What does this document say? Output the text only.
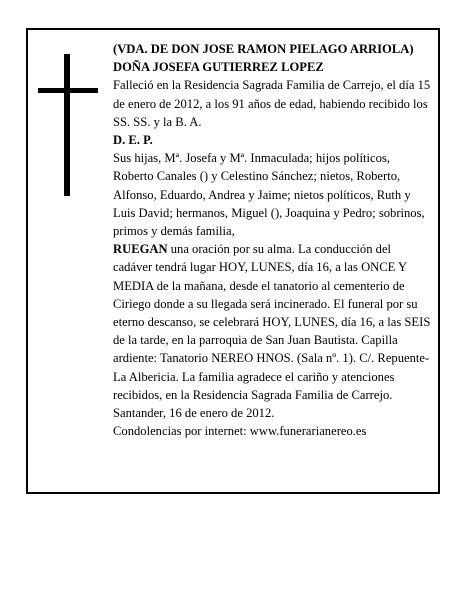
(VDA. DE DON JOSE RAMON PIELAGO ARRIOLA)

DOÑA JOSEFA GUTIERREZ LOPEZ

Falleció en la Residencia Sagrada Familia de Carrejo, el día 15 de enero de 2012, a los 91 años de edad, habiendo recibido los SS. SS. y la B. A.

D. E. P.

Sus hijas, Mª. Josefa y Mª. Inmaculada; hijos políticos, Roberto Canales () y Celestino Sánchez; nietos, Roberto, Alfonso, Eduardo, Andrea y Jaime; nietos políticos, Ruth y Luis David; hermanos, Miguel (), Joaquina y Pedro; sobrinos, primos y demás familia,

RUEGAN una oración por su alma. La conducción del cadáver tendrá lugar HOY, LUNES, día 16, a las ONCE Y MEDIA de la mañana, desde el tanatorio al cementerio de Ciriego donde a su llegada será incinerado. El funeral por su eterno descanso, se celebrará HOY, LUNES, día 16, a las SEIS de la tarde, en la parroquia de San Juan Bautista. Capilla ardiente: Tanatorio NEREO HNOS. (Sala nº. 1). C/. Repuente-La Albericia. La familia agradece el cariño y atenciones recibidos, en la Residencia Sagrada Familia de Carrejo.

Santander, 16 de enero de 2012.

Condolencias por internet: www.funerarianereo.es
